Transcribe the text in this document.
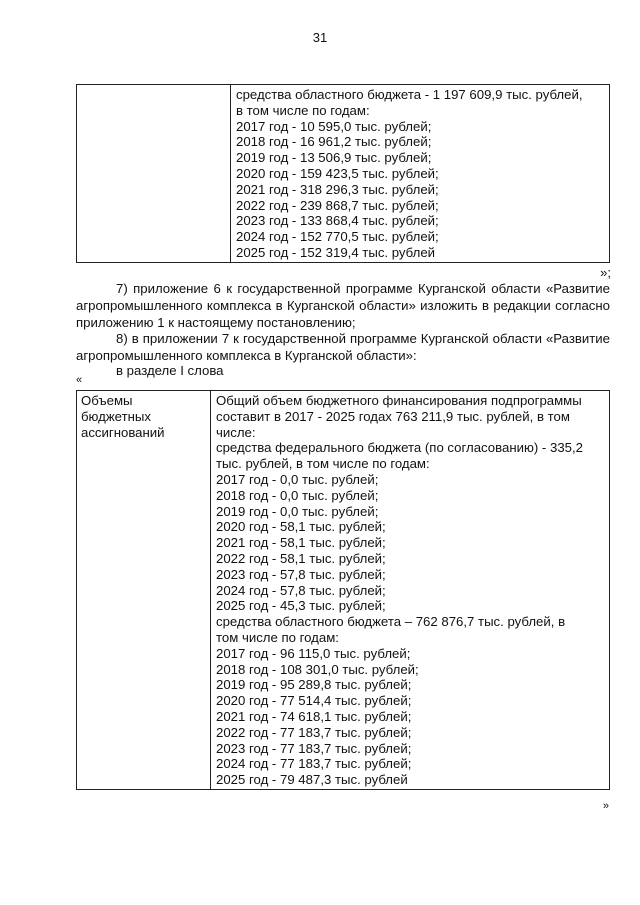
31

средства областного бюджета - 1 197 609,9 тыс. рублей,
в том числе по годам:
2017 год - 10 595,0 тыс. рублей;
2018 год - 16 961,2 тыс. рублей;
2019 год - 13 506,9 тыс. рублей;
2020 год - 159 423,5 тыс. рублей;
2021 год - 318 296,3 тыс. рублей;
2022 год - 239 868,7 тыс. рублей;
2023 год - 133 868,4 тыс. рублей;
2024 год - 152 770,5 тыс. рублей;
2025 год - 152 319,4 тыс. рублей
»;
7) приложение 6 к государственной программе Курганской области «Развитие агропромышленного комплекса в Курганской области» изложить в редакции согласно приложению 1 к настоящему постановлению;
8) в приложении 7 к государственной программе Курганской области «Развитие агропромышленного комплекса в Курганской области»:
в разделе I слова
«
Объемы
бюджетных
ассигнований

Общий объем бюджетного финансирования подпрограммы
составит в 2017 - 2025 годах 763 211,9 тыс. рублей, в том
числе:
средства федерального бюджета (по согласованию) - 335,2
тыс. рублей, в том числе по годам:
2017 год - 0,0 тыс. рублей;
2018 год - 0,0 тыс. рублей;
2019 год - 0,0 тыс. рублей;
2020 год - 58,1 тыс. рублей;
2021 год - 58,1 тыс. рублей;
2022 год - 58,1 тыс. рублей;
2023 год - 57,8 тыс. рублей;
2024 год - 57,8 тыс. рублей;
2025 год - 45,3 тыс. рублей;
средства областного бюджета – 762 876,7 тыс. рублей, в
том числе по годам:
2017 год - 96 115,0 тыс. рублей;
2018 год - 108 301,0 тыс. рублей;
2019 год - 95 289,8 тыс. рублей;
2020 год - 77 514,4 тыс. рублей;
2021 год - 74 618,1 тыс. рублей;
2022 год - 77 183,7 тыс. рублей;
2023 год - 77 183,7 тыс. рублей;
2024 год - 77 183,7 тыс. рублей;
2025 год - 79 487,3 тыс. рублей
»
